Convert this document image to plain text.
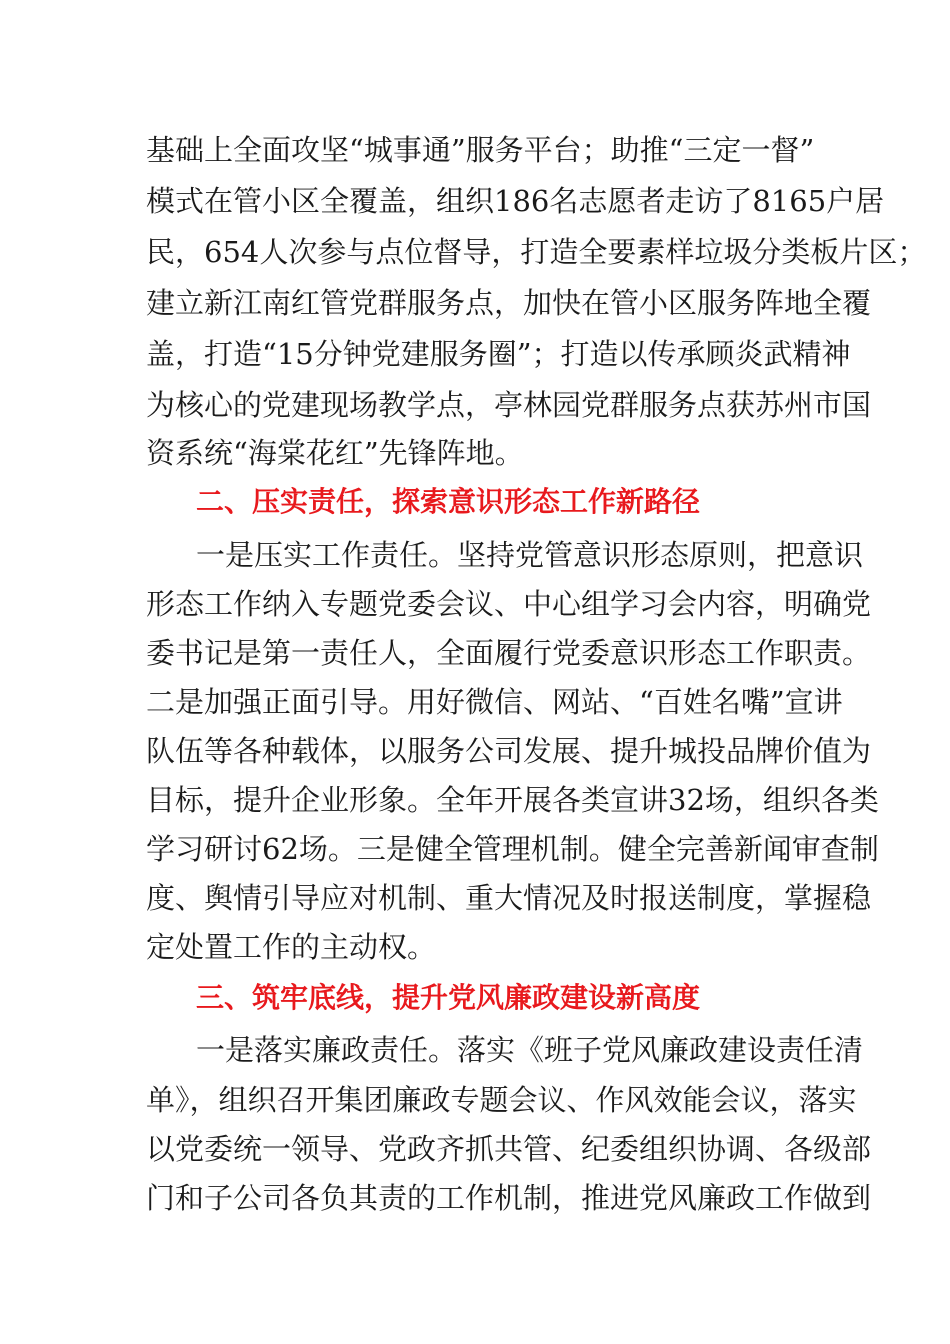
基础上全面攻坚“城事通”服务平台；助推“三定一督”
模式在管小区全覆盖，组织186名志愿者走访了8165户居
民，654人次参与点位督导，打造全要素样垃圾分类板片区；
建立新江南红管党群服务点，加快在管小区服务阵地全覆
盖，打造“15分钟党建服务圈”；打造以传承顾炎武精神
为核心的党建现场教学点，亭林园党群服务点获苏州市国
资系统“海棠花红”先锋阵地。
二、压实责任，探索意识形态工作新路径
一是压实工作责任。坚持党管意识形态原则，把意识
形态工作纳入专题党委会议、中心组学习会内容，明确党
委书记是第一责任人，全面履行党委意识形态工作职责。
二是加强正面引导。用好微信、网站、“百姓名嘴”宣讲
队伍等各种载体，以服务公司发展、提升城投品牌价值为
目标，提升企业形象。全年开展各类宣讲32场，组织各类
学习研讨62场。三是健全管理机制。健全完善新闻审查制
度、舆情引导应对机制、重大情况及时报送制度，掌握稳
定处置工作的主动权。
三、筑牢底线，提升党风廉政建设新高度
一是落实廉政责任。落实《班子党风廉政建设责任清
单》，组织召开集团廉政专题会议、作风效能会议，落实
以党委统一领导、党政齐抓共管、纪委组织协调、各级部
门和子公司各负其责的工作机制，推进党风廉政工作做到
